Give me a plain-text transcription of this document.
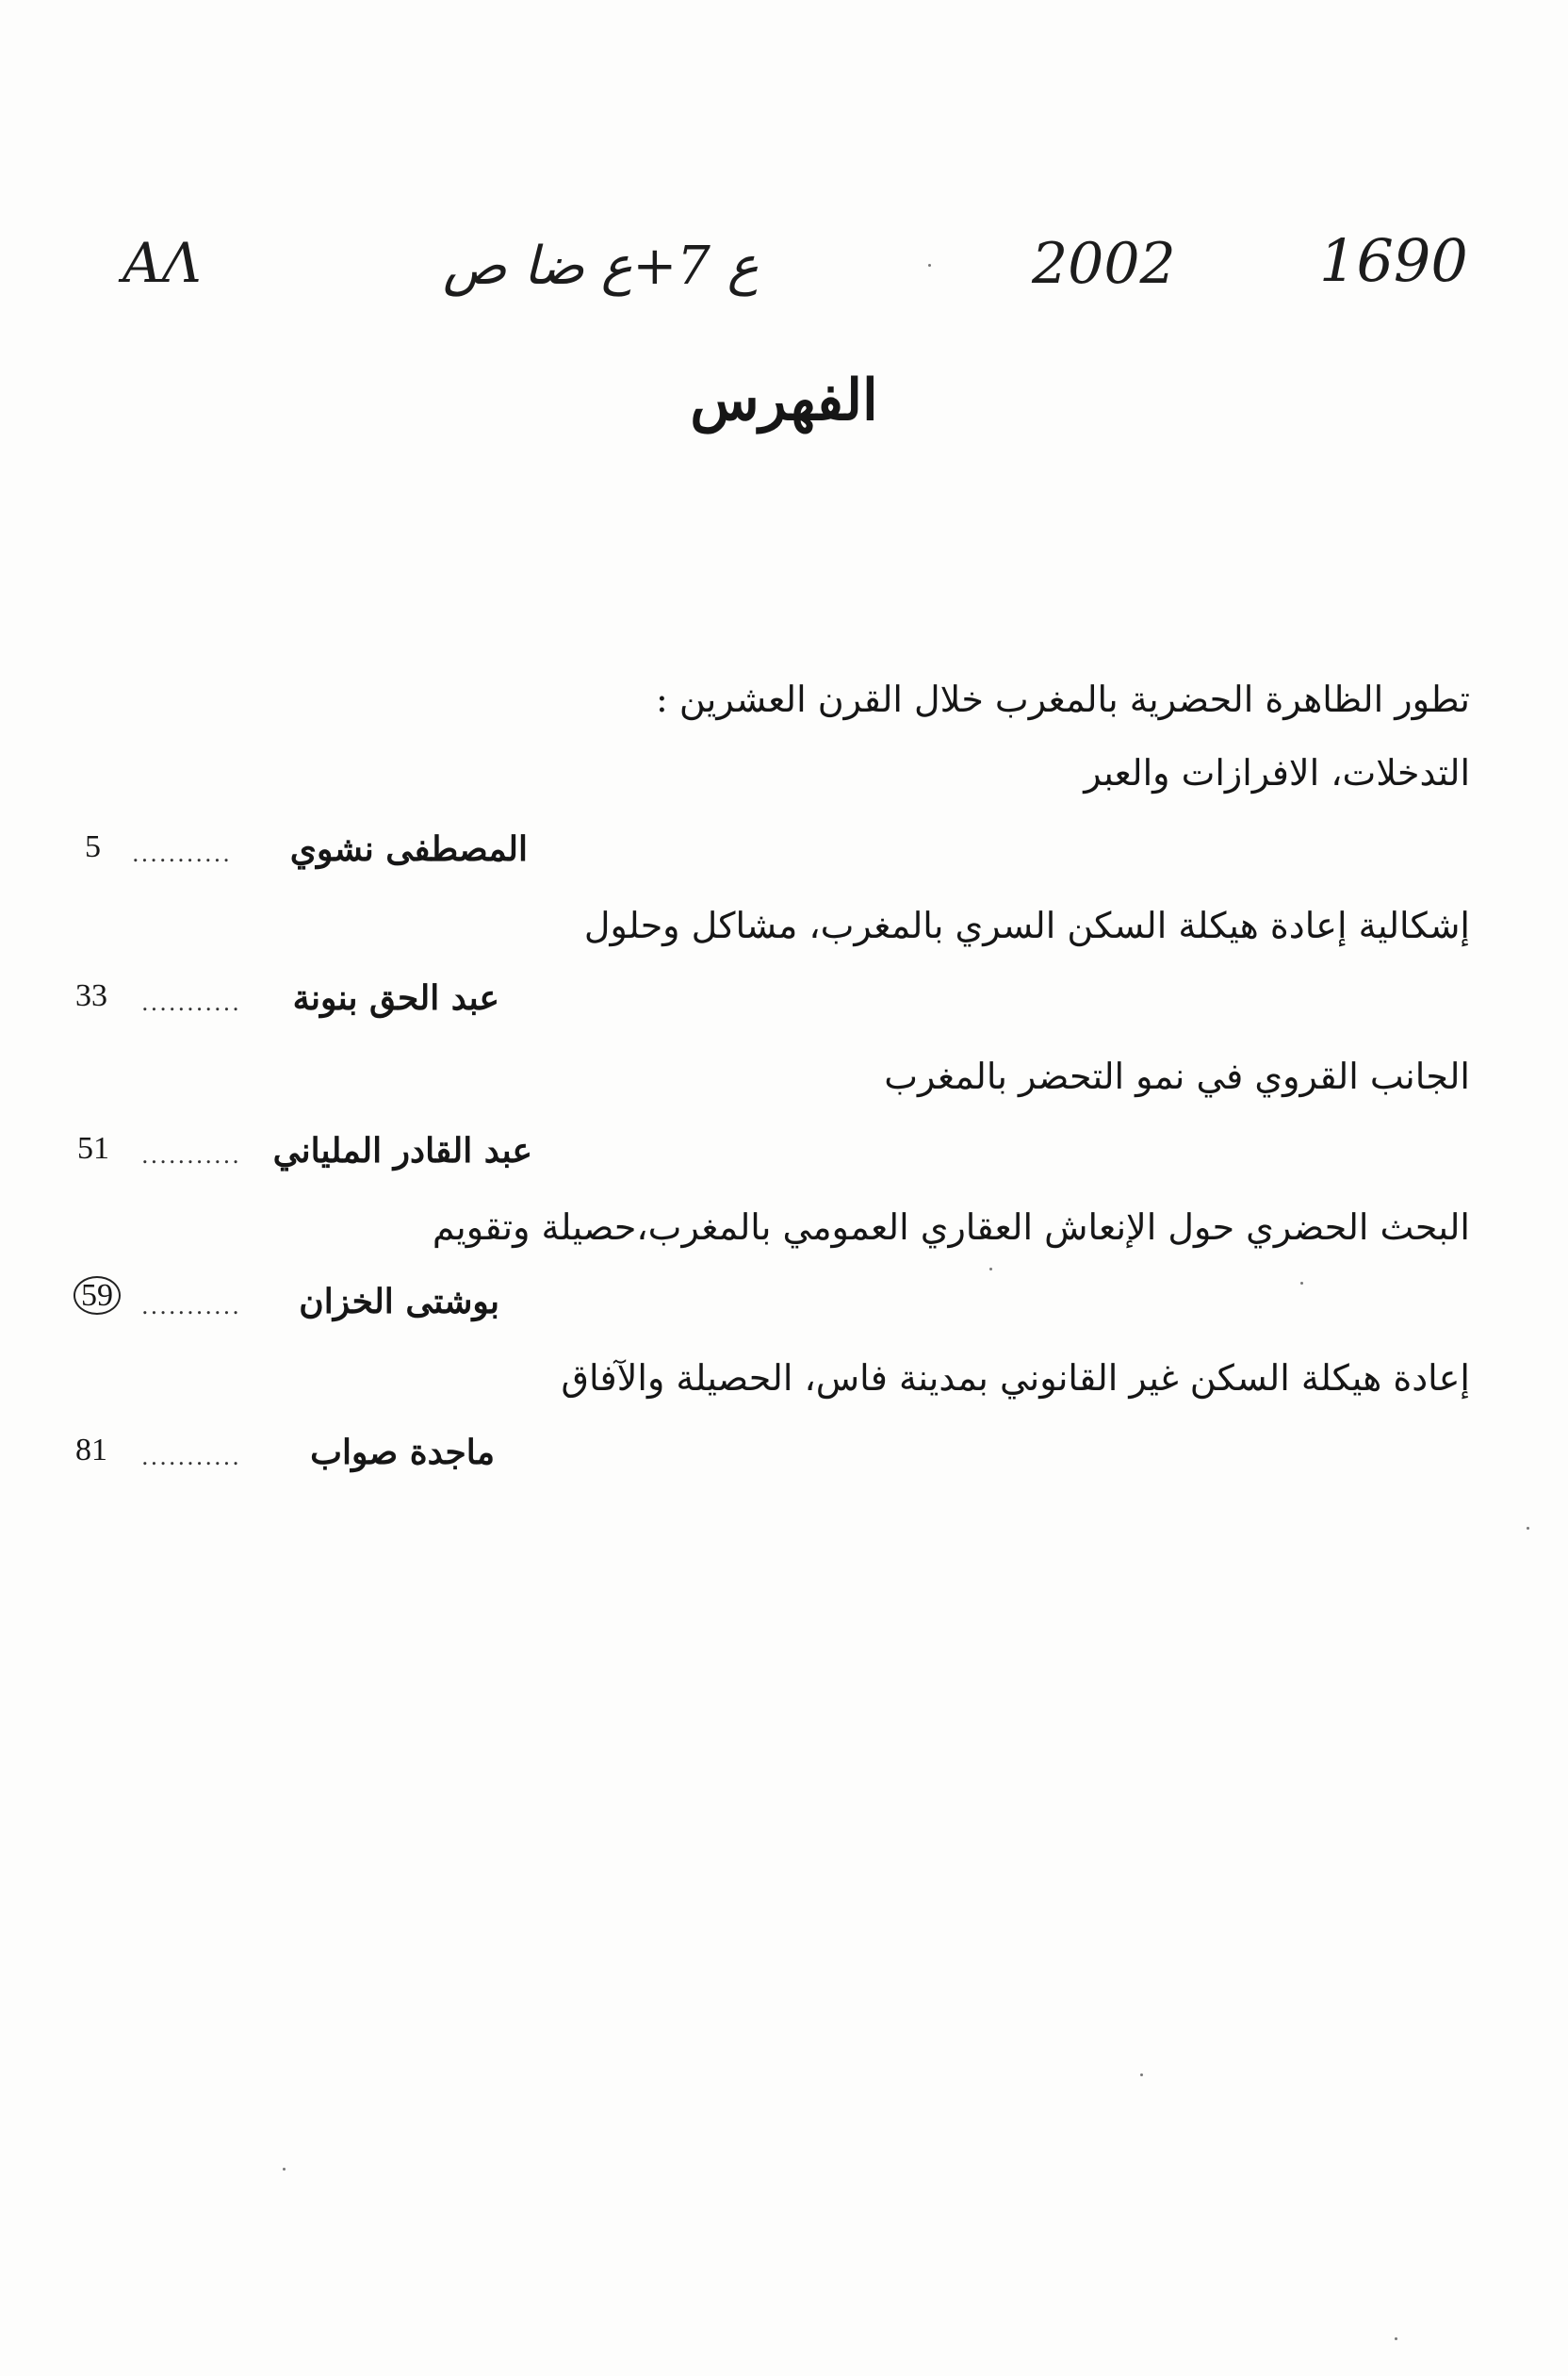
AΛ	ع 7+ع ضا ص	2002 1690
الفهرس
تطور الظاهرة الحضرية بالمغرب خلال القرن العشرين :
التدخلات، الافرازات والعبر
المصطفى نشوي
...........
5
إشكالية إعادة هيكلة السكن السري بالمغرب، مشاكل وحلول
عبد الحق بنونة
...........
33
الجانب القروي في نمو التحضر بالمغرب
عبد القادر الملياني
...........
51
البحث الحضري حول الإنعاش العقاري العمومي بالمغرب،حصيلة وتقويم
بوشتى الخزان
...........
59
إعادة هيكلة السكن غير القانوني بمدينة فاس، الحصيلة والآفاق
ماجدة صواب
...........
81
